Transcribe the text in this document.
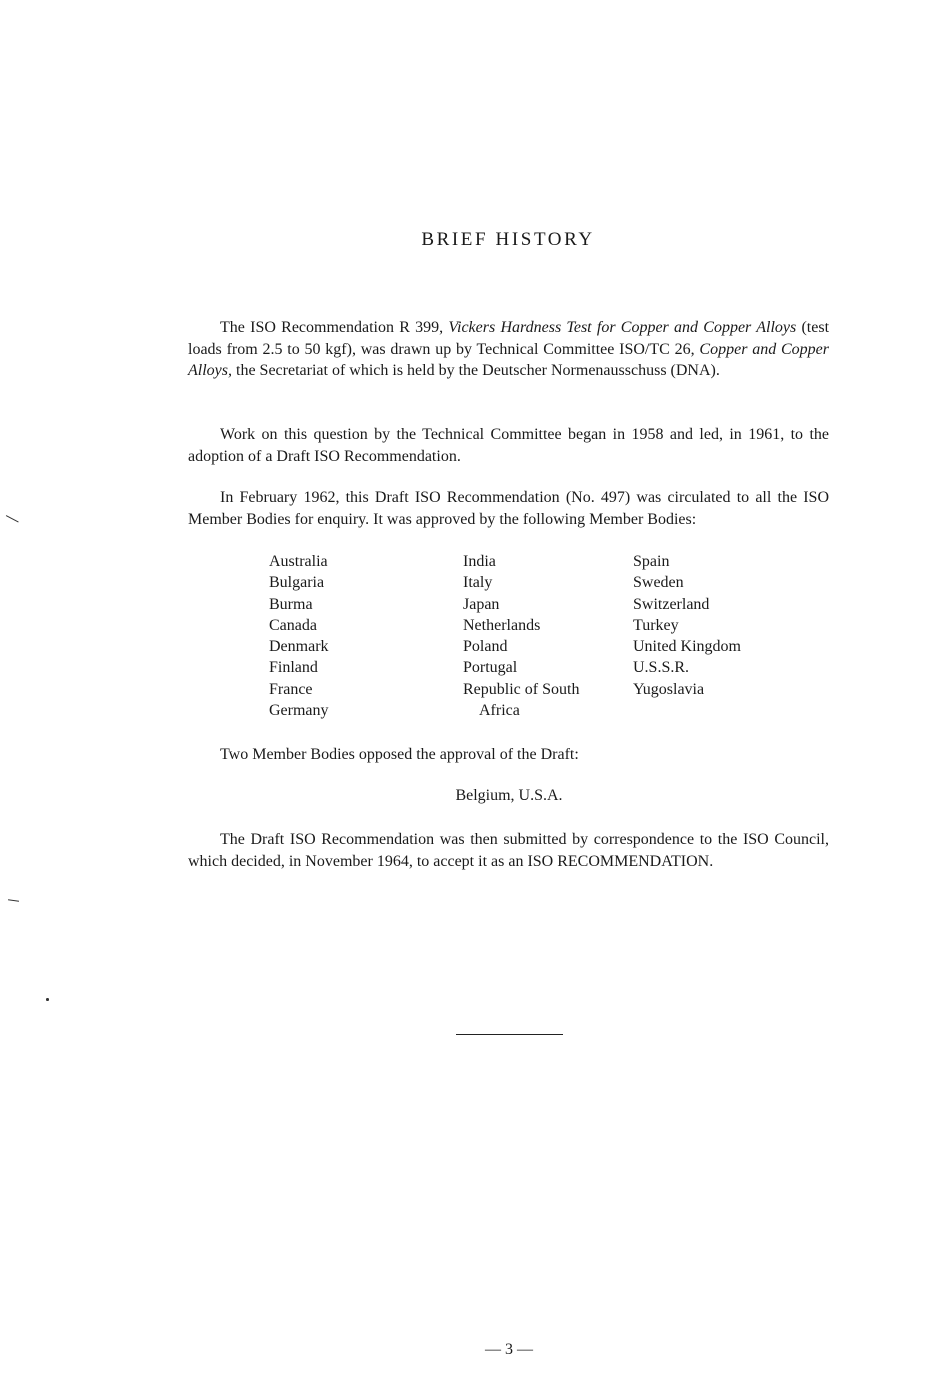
BRIEF HISTORY
The ISO Recommendation R 399, Vickers Hardness Test for Copper and Copper Alloys (test loads from 2.5 to 50 kgf), was drawn up by Technical Committee ISO/TC 26, Copper and Copper Alloys, the Secretariat of which is held by the Deutscher Normenausschuss (DNA).
Work on this question by the Technical Committee began in 1958 and led, in 1961, to the adoption of a Draft ISO Recommendation.
In February 1962, this Draft ISO Recommendation (No. 497) was circulated to all the ISO Member Bodies for enquiry. It was approved by the following Member Bodies:
Australia
Bulgaria
Burma
Canada
Denmark
Finland
France
Germany
India
Italy
Japan
Netherlands
Poland
Portugal
Republic of South
Africa
Spain
Sweden
Switzerland
Turkey
United Kingdom
U.S.S.R.
Yugoslavia
Two Member Bodies opposed the approval of the Draft:
Belgium, U.S.A.
The Draft ISO Recommendation was then submitted by correspondence to the ISO Council, which decided, in November 1964, to accept it as an ISO RECOMMENDATION.
— 3 —
